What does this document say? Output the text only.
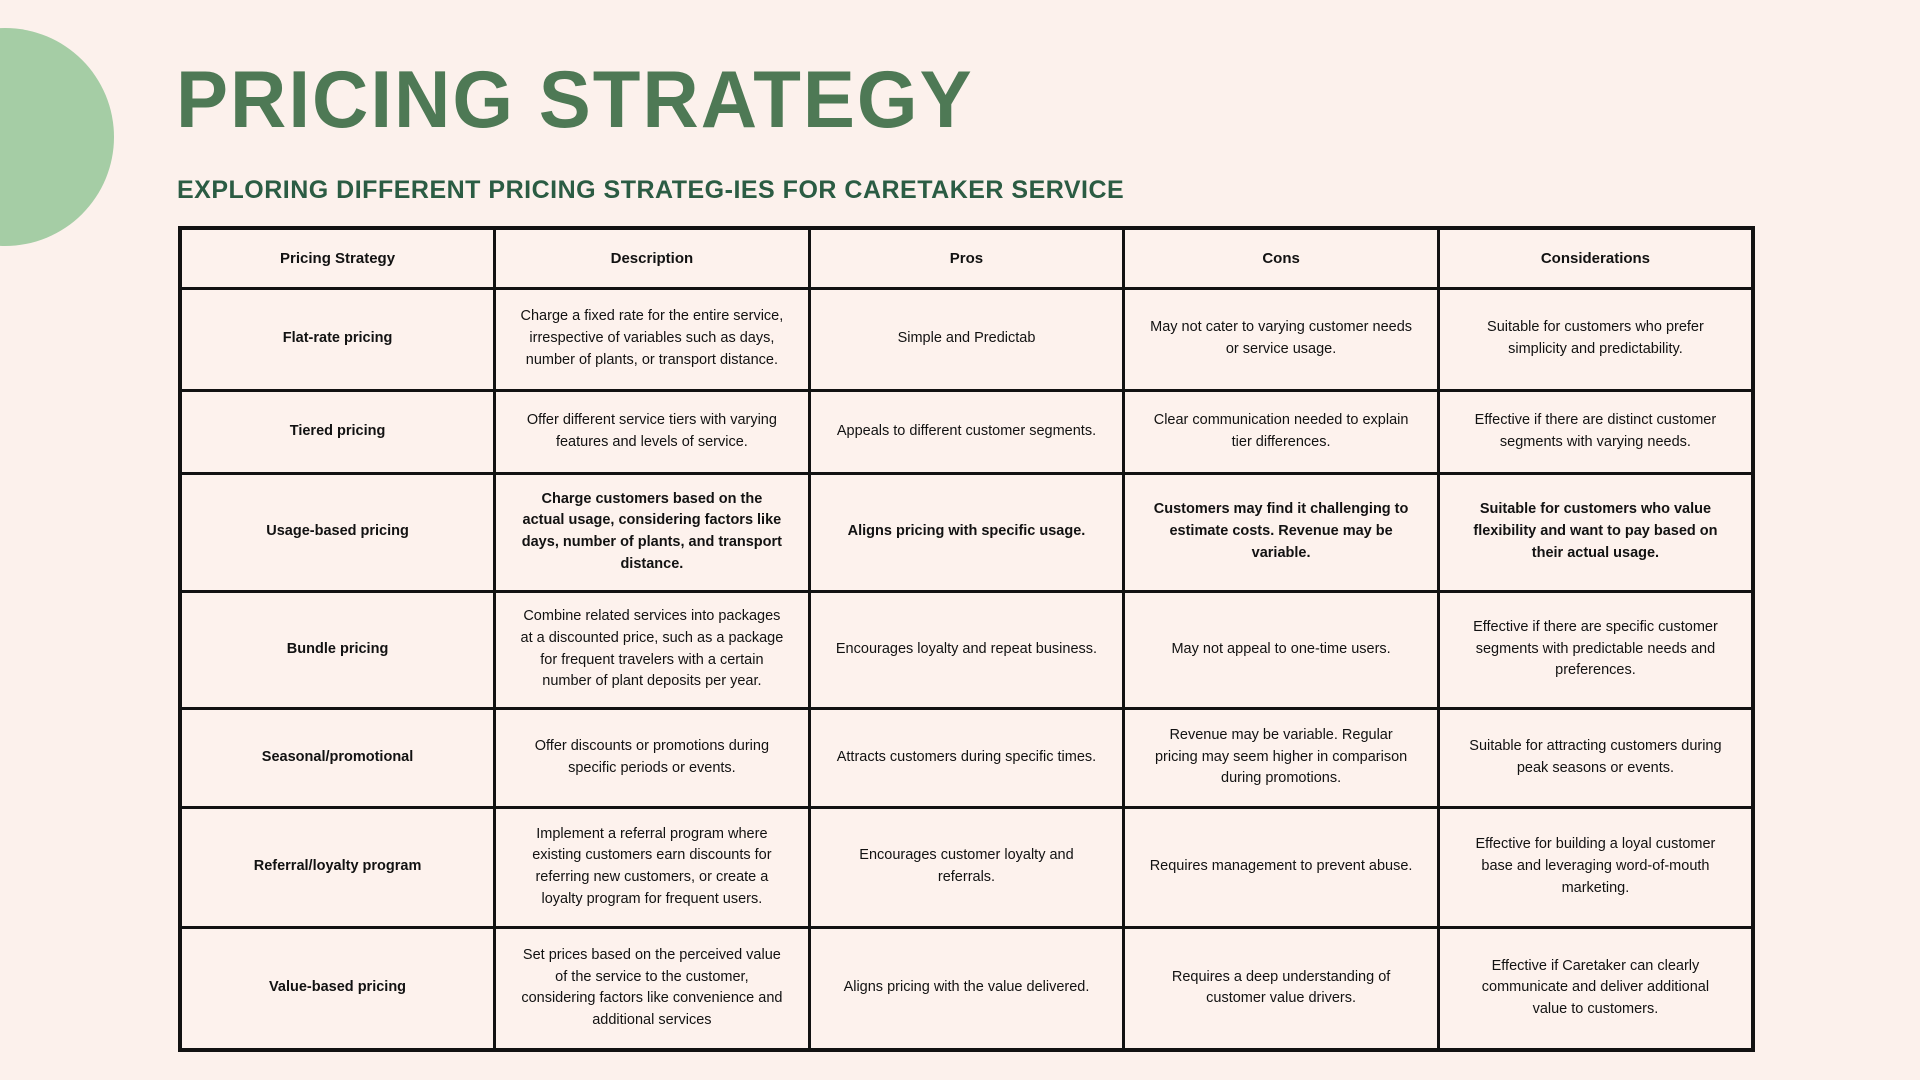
PRICING STRATEGY
EXPLORING DIFFERENT PRICING STRATEG-IES FOR CARETAKER SERVICE
Pricing Strategy	Description	Pros	Cons	Considerations
Flat-rate pricing	Charge a fixed rate for the entire service, irrespective of variables such as days, number of plants, or transport distance.	Simple and Predictab	May not cater to varying customer needs or service usage.	Suitable for customers who prefer simplicity and predictability.
Tiered pricing	Offer different service tiers with varying features and levels of service.	Appeals to different customer segments.	Clear communication needed to explain tier differences.	Effective if there are distinct customer segments with varying needs.
Usage-based pricing	Charge customers based on the actual usage, considering factors like days, number of plants, and transport distance.	Aligns pricing with specific usage.	Customers may find it challenging to estimate costs. Revenue may be variable.	Suitable for customers who value flexibility and want to pay based on their actual usage.
Bundle pricing	Combine related services into packages at a discounted price, such as a package for frequent travelers with a certain number of plant deposits per year.	Encourages loyalty and repeat business.	May not appeal to one-time users.	Effective if there are specific customer segments with predictable needs and preferences.
Seasonal/promotional	Offer discounts or promotions during specific periods or events.	Attracts customers during specific times.	Revenue may be variable. Regular pricing may seem higher in comparison during promotions.	Suitable for attracting customers during peak seasons or events.
Referral/loyalty program	Implement a referral program where existing customers earn discounts for referring new customers, or create a loyalty program for frequent users.	Encourages customer loyalty and referrals.	Requires management to prevent abuse.	Effective for building a loyal customer base and leveraging word-of-mouth marketing.
Value-based pricing	Set prices based on the perceived value of the service to the customer, considering factors like convenience and additional services	Aligns pricing with the value delivered.	Requires a deep understanding of customer value drivers.	Effective if Caretaker can clearly communicate and deliver additional value to customers.
